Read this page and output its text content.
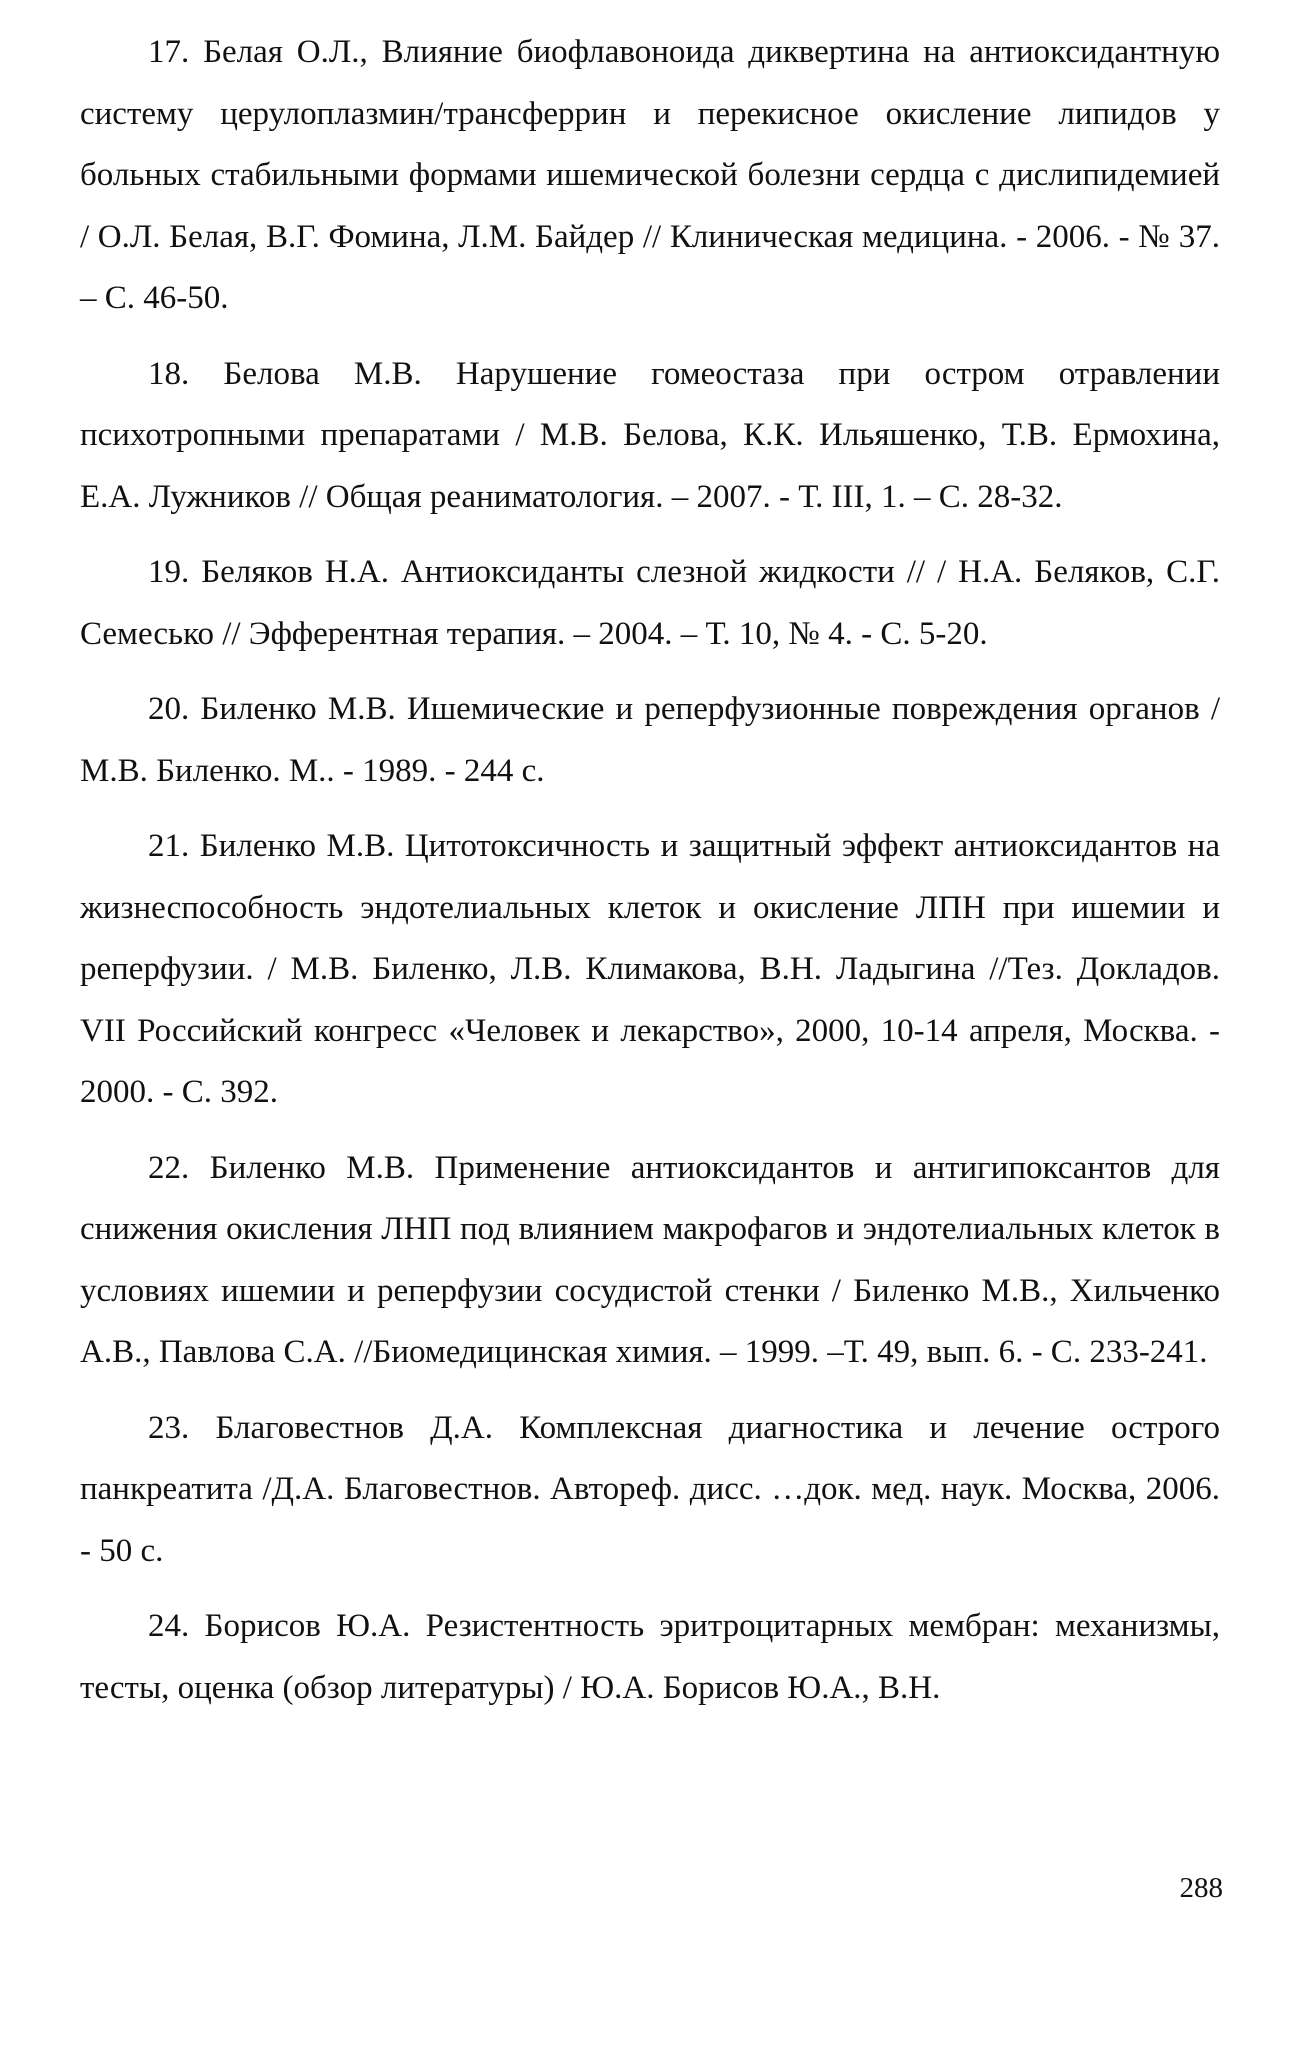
17. Белая О.Л., Влияние биофлавоноида диквертина на антиоксидантную систему церулоплазмин/трансферрин и перекисное окисление липидов у больных стабильными формами ишемической болезни сердца с дислипидемией / О.Л. Белая, В.Г. Фомина, Л.М. Байдер // Клиническая медицина. - 2006. - № 37. – С. 46-50.

18. Белова М.В. Нарушение гомеостаза при остром отравлении психотропными препаратами / М.В. Белова, К.К. Ильяшенко, Т.В. Ермохина, Е.А. Лужников // Общая реаниматология. – 2007. - Т. III, 1. – С. 28-32.

19. Беляков Н.А. Антиоксиданты слезной жидкости // / Н.А. Беляков, С.Г. Семесько // Эфферентная терапия. – 2004. – Т. 10, № 4. - С. 5-20.

20. Биленко М.В. Ишемические и реперфузионные повреждения органов / М.В. Биленко. М.. - 1989. - 244 с.

21. Биленко М.В. Цитотоксичность и защитный эффект антиоксидантов на жизнеспособность эндотелиальных клеток и окисление ЛПН при ишемии и реперфузии. / М.В. Биленко, Л.В. Климакова, В.Н. Ладыгина //Тез. Докладов. VII Российский конгресс «Человек и лекарство», 2000, 10-14 апреля, Москва. - 2000. - С. 392.

22. Биленко М.В. Применение антиоксидантов и антигипоксантов для снижения окисления ЛНП под влиянием макрофагов и эндотелиальных клеток в условиях ишемии и реперфузии сосудистой стенки / Биленко М.В., Хильченко А.В., Павлова С.А. //Биомедицинская химия. – 1999. –Т. 49, вып. 6. - С. 233-241.

23. Благовестнов Д.А. Комплексная диагностика и лечение острого панкреатита /Д.А. Благовестнов. Автореф. дисс. …док. мед. наук. Москва, 2006. - 50 с.

24. Борисов Ю.А. Резистентность эритроцитарных мембран: механизмы, тесты, оценка (обзор литературы) / Ю.А. Борисов Ю.А., В.Н.

288
